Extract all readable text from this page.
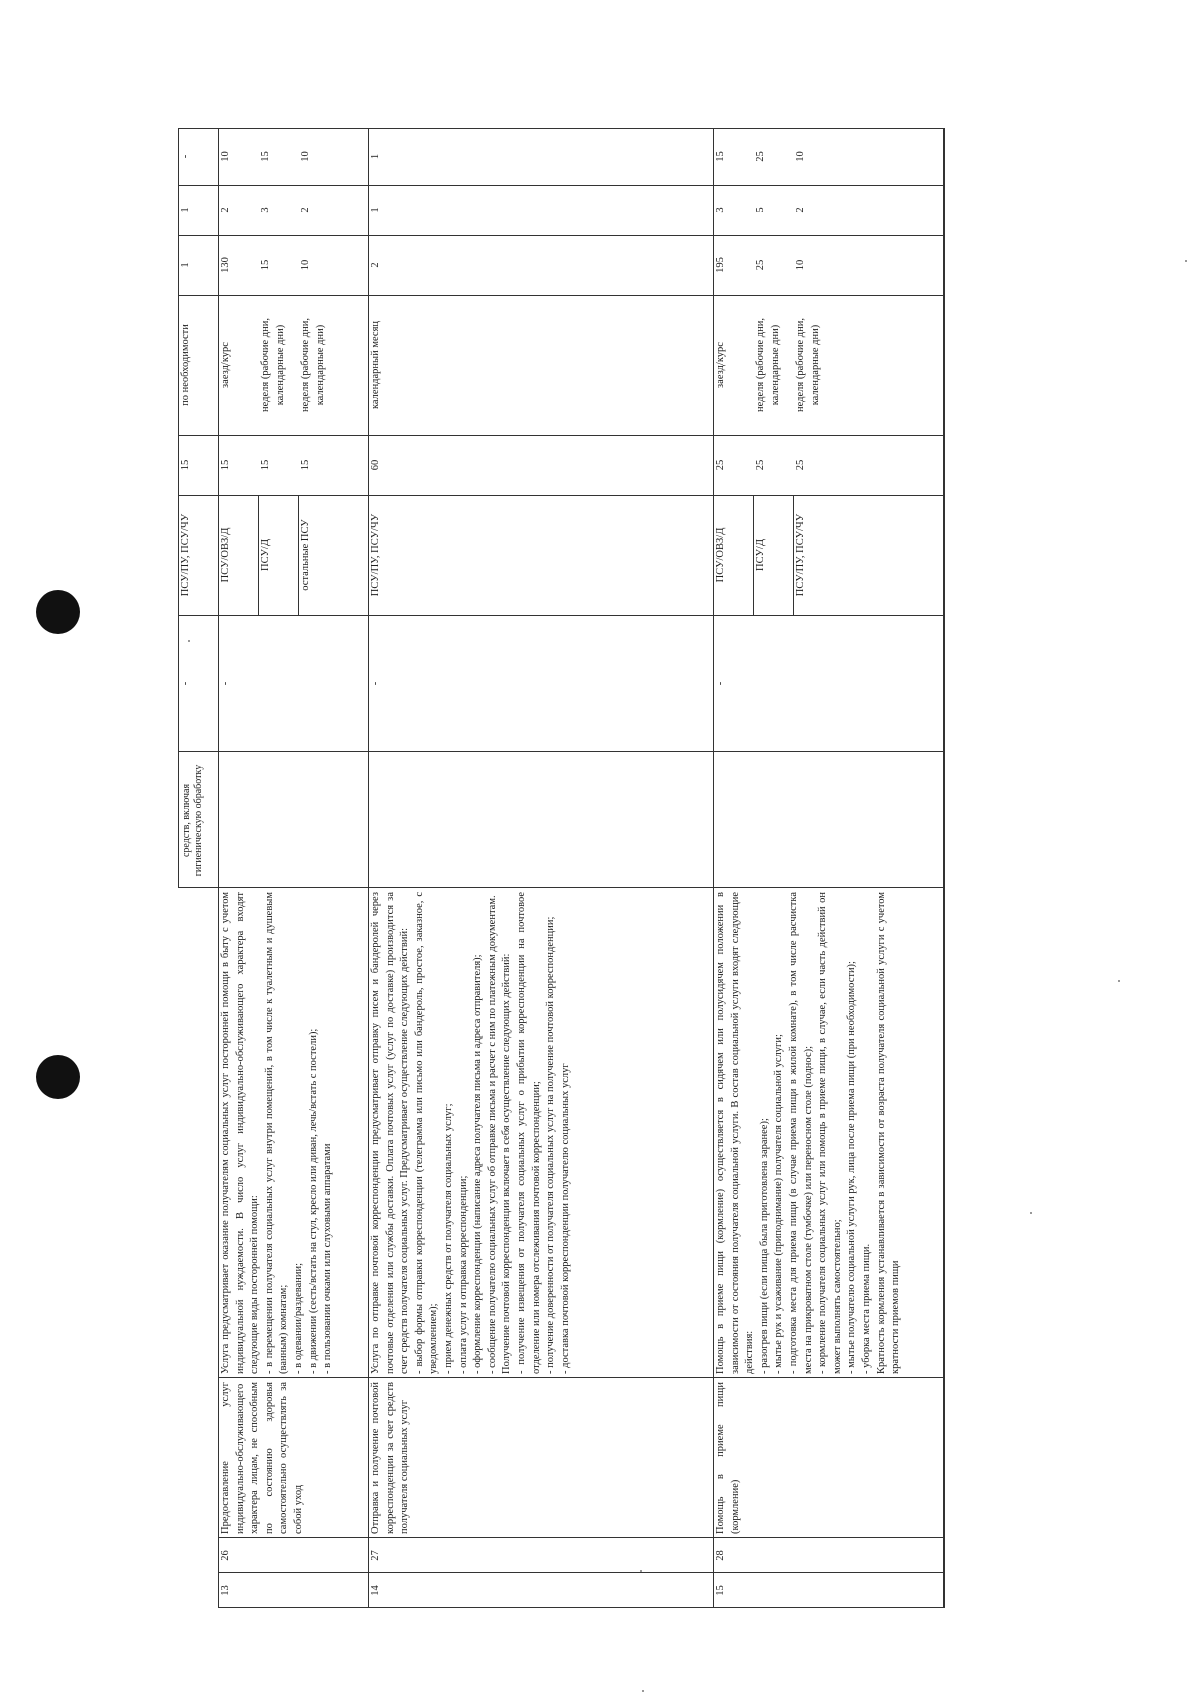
средств, включая гигиеническую обработку
-
ПСУ/ПУ, ПСУ/ЧУ
15
по необходимости
1
1
-
13
26
Предоставление услуг индивидуально-обслуживающего характера лицам, не способным по состоянию здоровья самостоятельно осуществлять за собой уход
Услуга предусматривает оказание получателям социальных услуг посторонней помощи в быту с учетом индивидуальной нуждаемости. В число услуг индивидуально-обслуживающего характера входят следующие виды посторонней помощи:
- в перемещении получателя социальных услуг внутри помещений, в том числе к туалетным и душевым (ванным) комнатам;
- в одевании/раздевании;
- в движении (сесть/встать на стул, кресло или диван, лечь/встать с постели);
- в пользовании очками или слуховыми аппаратами
-
ПСУ/ОВЗ/Д
15
заезд/курс
130
2
10
ПСУ/Д
15
неделя (рабочие дни, календарные дни)
15
3
15
остальные ПСУ
15
неделя (рабочие дни, календарные дни)
10
2
10
14
27
Отправка и получение почтовой корреспонденции за счет средств получателя социальных услуг
Услуга по отправке почтовой корреспонденции предусматривает отправку писем и бандеролей через почтовые отделения или службы доставки. Оплата почтовых услуг (услуг по доставке) производится за счет средств получателя социальных услуг. Предусматривает осуществление следующих действий:
- выбор формы отправки корреспонденции (телеграмма или письмо или бандероль, простое, заказное, с уведомлением);
- прием денежных средств от получателя социальных услуг;
- оплата услуг и отправка корреспонденции;
- оформление корреспонденции (написание адреса получателя письма и адреса отправителя);
- сообщение получателю социальных услуг об отправке письма и расчет с ним по платежным документам.
Получение почтовой корреспонденции включает в себя осуществление следующих действий:
- получение извещения от получателя социальных услуг о прибытии корреспонденции на почтовое отделение или номера отслеживания почтовой корреспонденции;
- получение доверенности от получателя социальных услуг на получение почтовой корреспонденции;
- доставка почтовой корреспонденции получателю социальных услуг
-
ПСУ/ПУ, ПСУ/ЧУ
60
календарный месяц
2
1
1
15
28
Помощь в приеме пищи (кормление)
Помощь в приеме пищи (кормление) осуществляется в сидячем или полусидячем положении в зависимости от состояния получателя социальной услуги. В состав социальной услуги входят следующие действия:
- разогрев пищи (если пища была приготовлена заранее);
- мытье рук и усаживание (приподнимание) получателя социальной услуги;
- подготовка места для приема пищи (в случае приема пищи в жилой комнате), в том числе расчистка места на прикроватном столе (тумбочке) или переносном столе (поднос);
- кормление получателя социальных услуг или помощь в приеме пищи, в случае, если часть действий он может выполнять самостоятельно;
- мытье получателю социальной услуги рук, лица после приема пищи (при необходимости);
- уборка места приема пищи.
Кратность кормления устанавливается в зависимости от возраста получателя социальной услуги с учетом кратности приемов пищи
-
ПСУ/ОВЗ/Д
25
заезд/курс
195
3
15
ПСУ/Д
25
неделя (рабочие дни, календарные дни)
25
5
25
ПСУ/ПУ, ПСУ/ЧУ
25
неделя (рабочие дни, календарные дни)
10
2
10
